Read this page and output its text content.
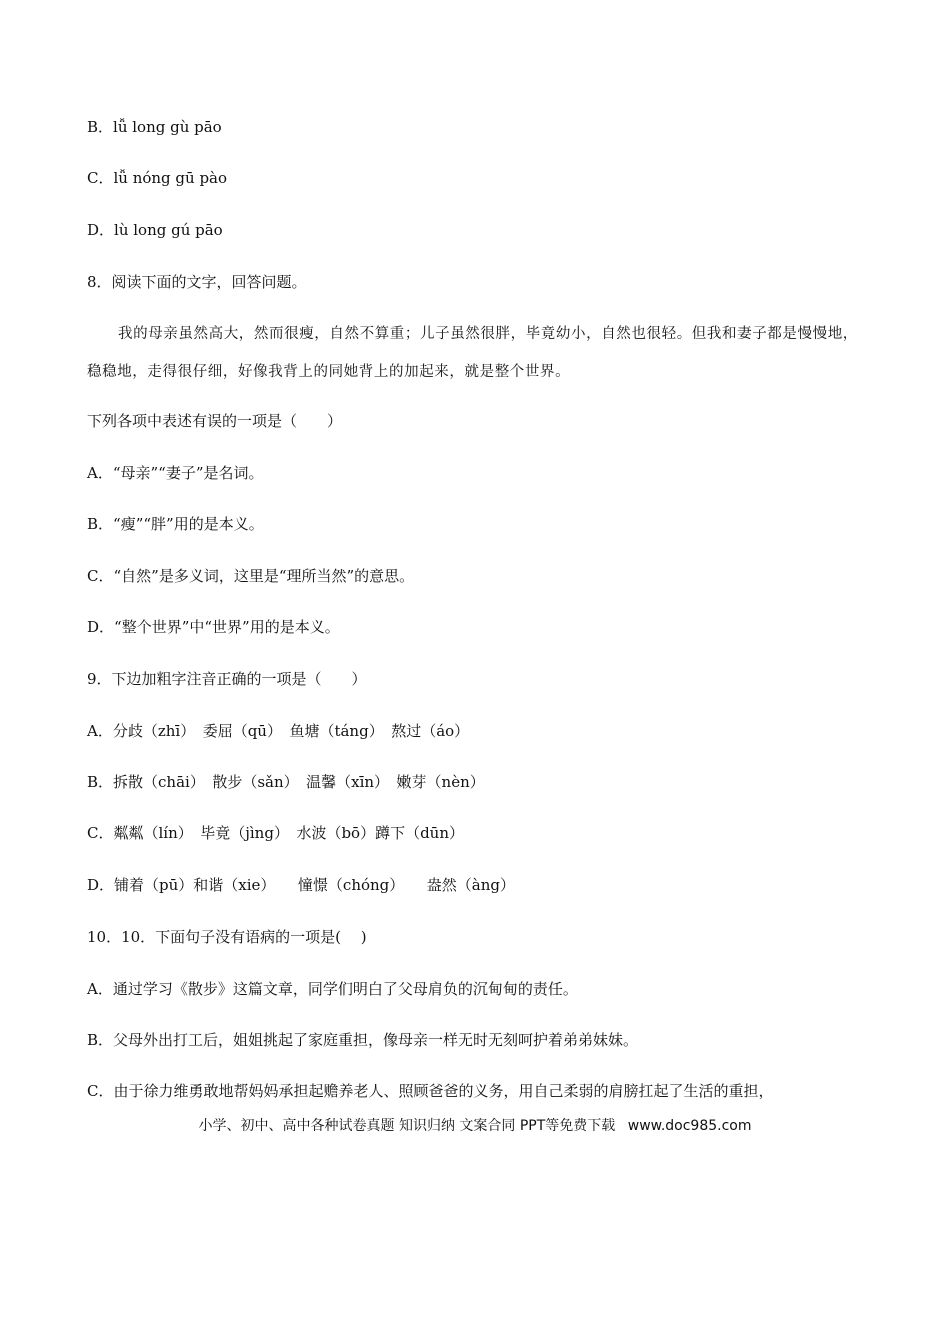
B．lǚ long gù pāo
C．lǚ nóng gū pào
D．lù long gú pāo
8．阅读下面的文字，回答问题。

我的母亲虽然高大，然而很瘦，自然不算重；儿子虽然很胖，毕竟幼小，自然也很轻。但我和妻子都是慢慢地，稳稳地，走得很仔细，好像我背上的同她背上的加起来，就是整个世界。

下列各项中表述有误的一项是（　　）
A．“母亲”“妻子”是名词。
B．“瘦”“胖”用的是本义。
C．“自然”是多义词，这里是“理所当然”的意思。
D．“整个世界”中“世界”用的是本义。
9．下边加粗字注音正确的一项是（　　）
A．分歧（zhī）　委屈（qū）　鱼塘（táng）　熬过（áo）
B．拆散（chāi）　散步（sǎn）　温馨（xīn）　嫩芽（nèn）
C．粼粼（lín）　毕竟（jìng）　水波（bō）蹲下（dūn）
D．铺着（pū）和谐（xie）　　憧憬（chóng）　　盎然（àng）
10．10．下面句子没有语病的一项是(　 )
A．通过学习《散步》这篇文章，同学们明白了父母肩负的沉甸甸的责任。
B．父母外出打工后，姐姐挑起了家庭重担，像母亲一样无时无刻呵护着弟弟妹妹。
C．由于徐力维勇敢地帮妈妈承担起赡养老人、照顾爸爸的义务，用自己柔弱的肩膀扛起了生活的重担，
小学、初中、高中各种试卷真题 知识归纳 文案合同 PPT等免费下载 www.doc985.com
